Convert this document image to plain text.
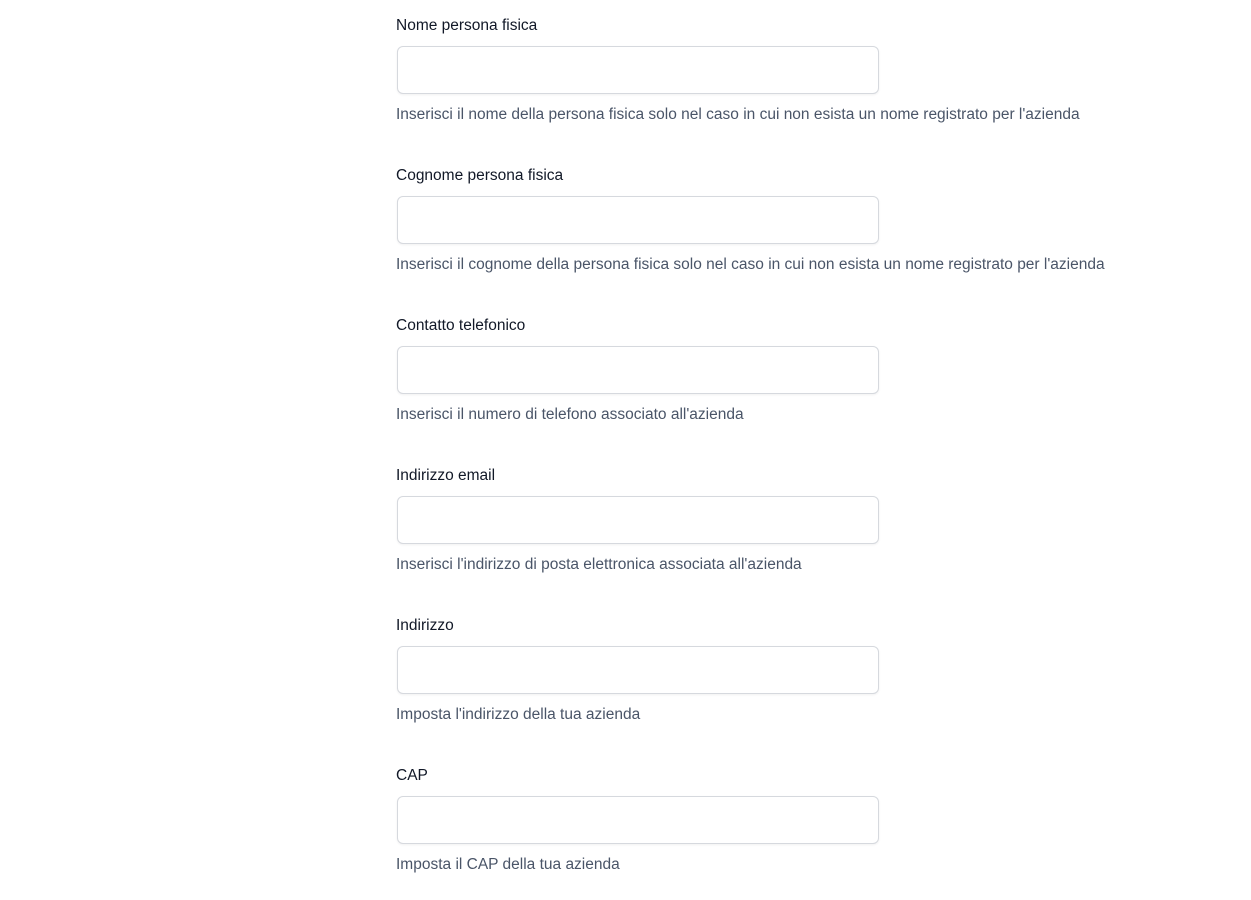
Nome persona fisica
Inserisci il nome della persona fisica solo nel caso in cui non esista un nome registrato per l'azienda
Cognome persona fisica
Inserisci il cognome della persona fisica solo nel caso in cui non esista un nome registrato per l'azienda
Contatto telefonico
Inserisci il numero di telefono associato all'azienda
Indirizzo email
Inserisci l'indirizzo di posta elettronica associata all'azienda
Indirizzo
Imposta l'indirizzo della tua azienda
CAP
Imposta il CAP della tua azienda
